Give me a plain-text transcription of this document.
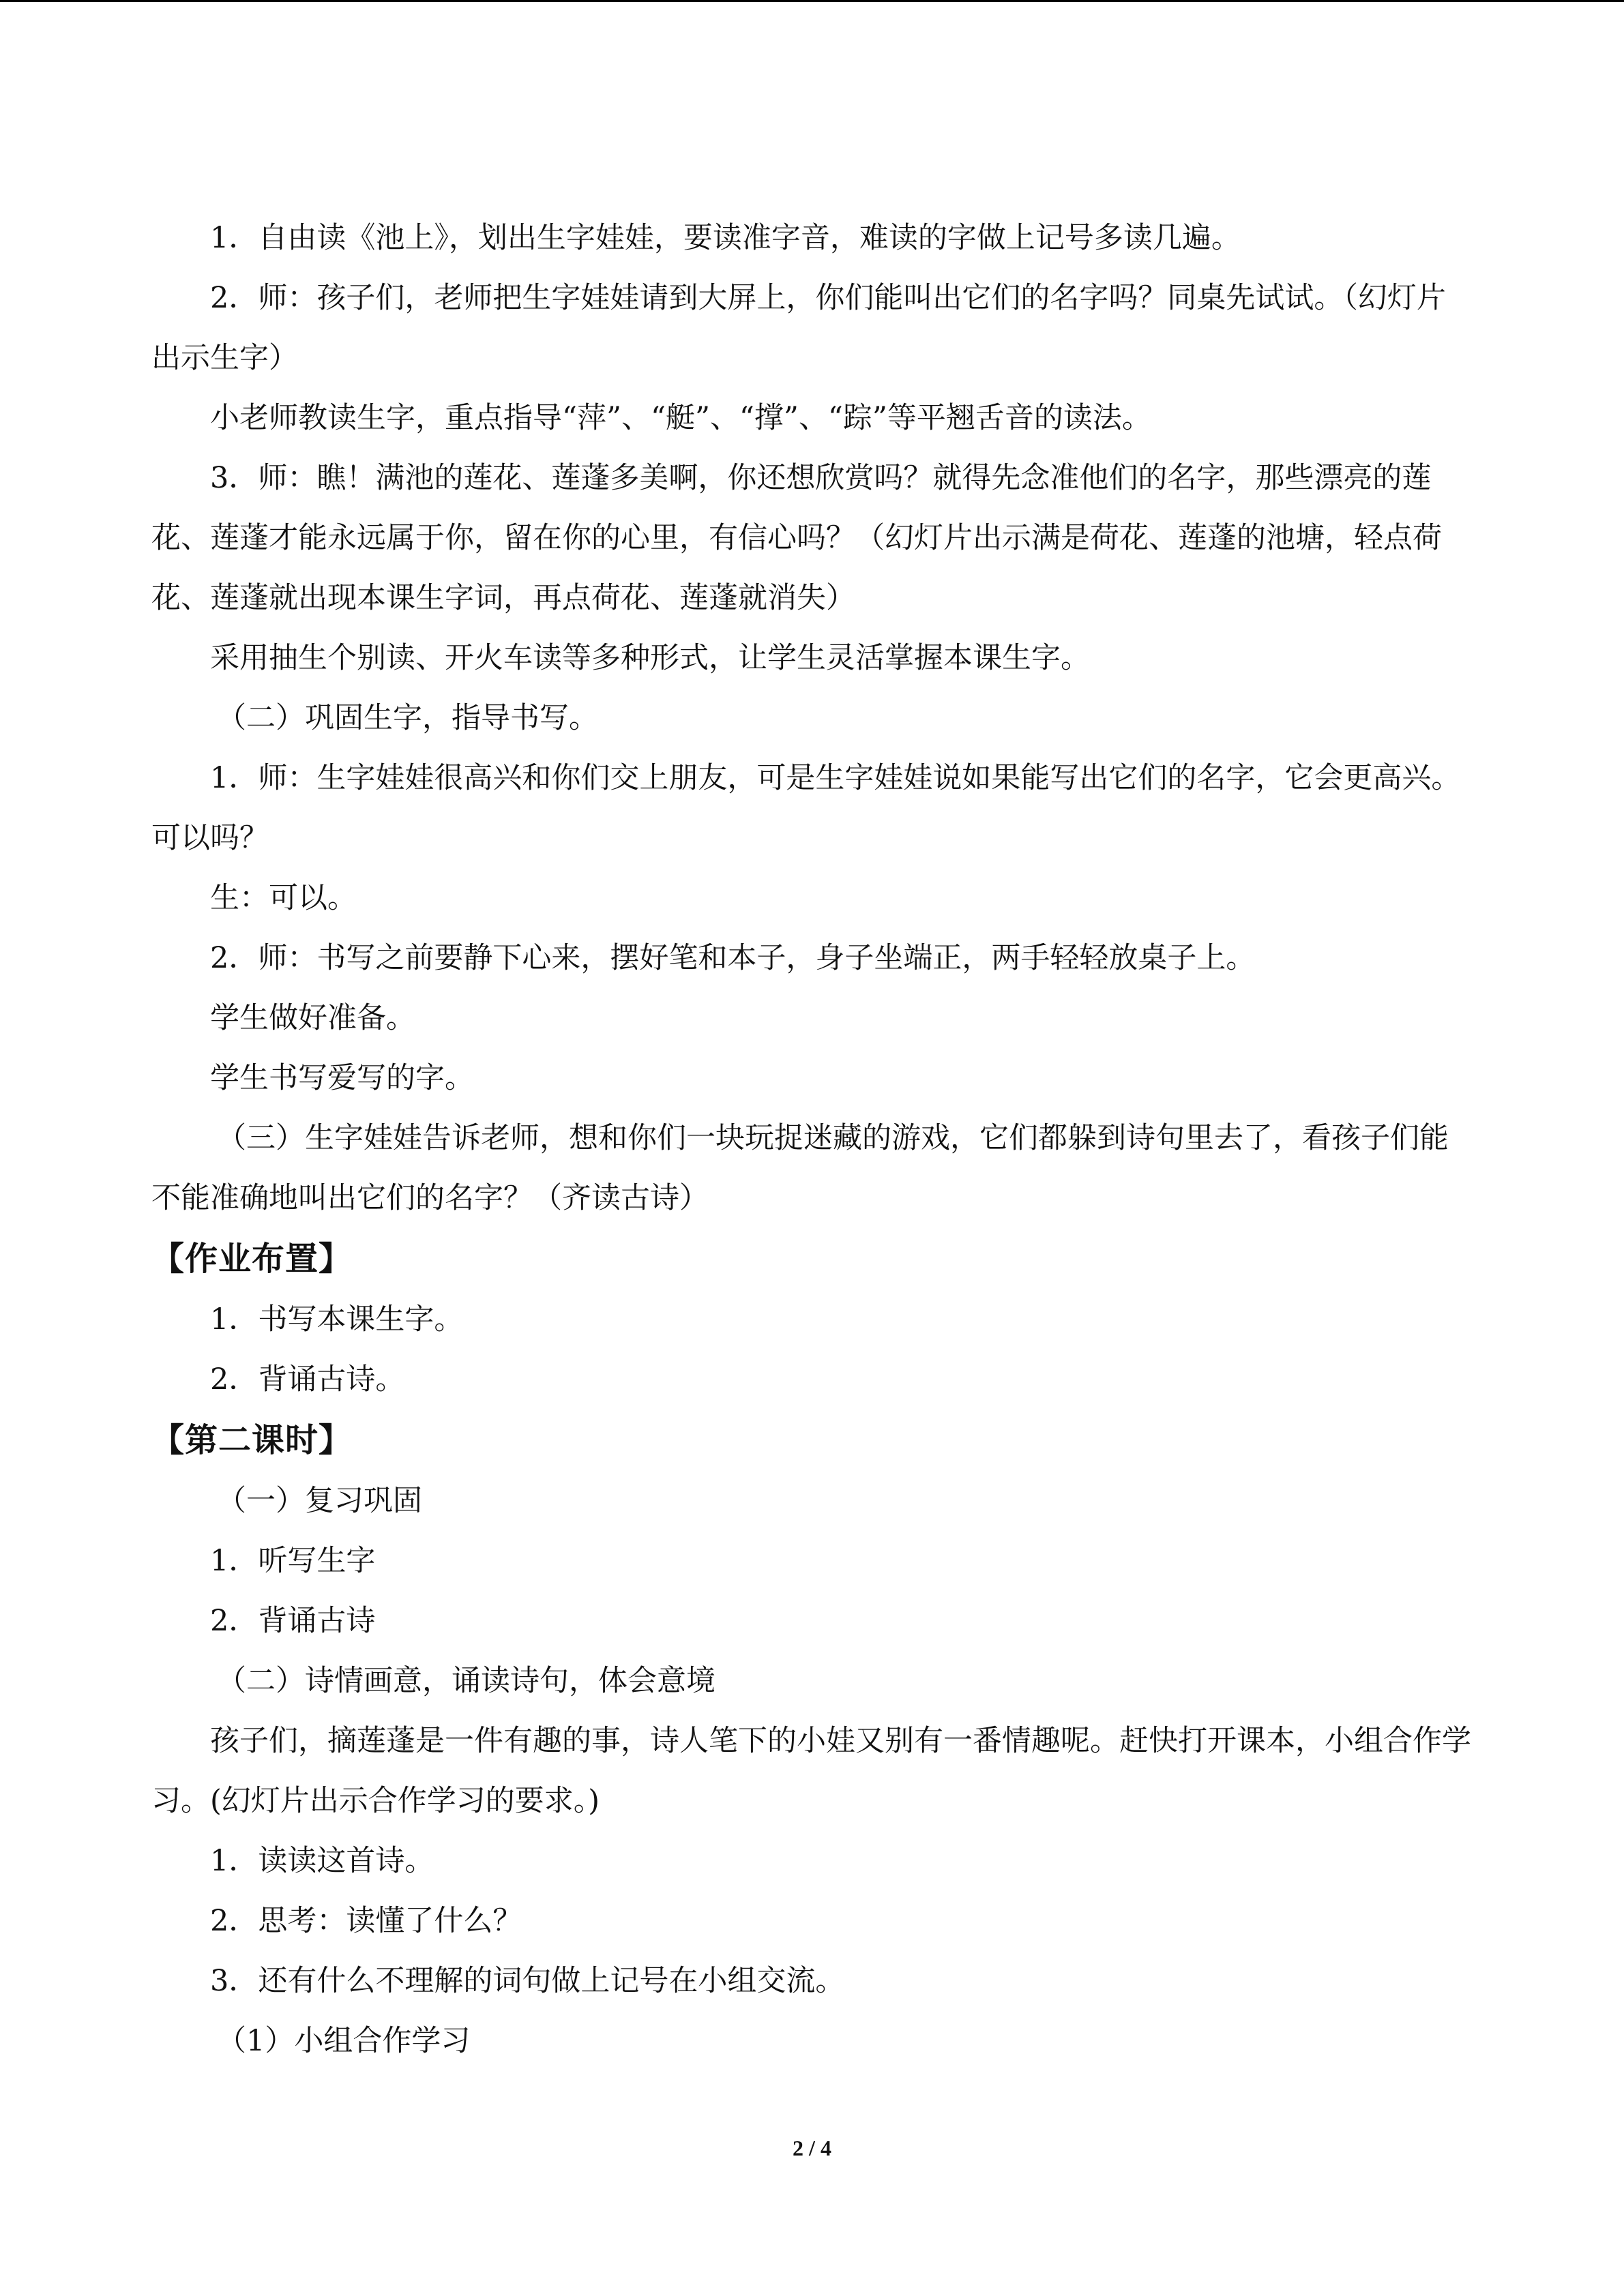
1．自由读《池上》，划出生字娃娃，要读准字音，难读的字做上记号多读几遍。

2．师：孩子们，老师把生字娃娃请到大屏上，你们能叫出它们的名字吗？同桌先试试。（幻灯片出示生字）

小老师教读生字，重点指导“萍”、“艇”、“撑”、“踪”等平翘舌音的读法。

3．师：瞧！满池的莲花、莲蓬多美啊，你还想欣赏吗？就得先念准他们的名字，那些漂亮的莲花、莲蓬才能永远属于你，留在你的心里，有信心吗？（幻灯片出示满是荷花、莲蓬的池塘，轻点荷花、莲蓬就出现本课生字词，再点荷花、莲蓬就消失）

采用抽生个别读、开火车读等多种形式，让学生灵活掌握本课生字。

（二）巩固生字，指导书写。

1．师：生字娃娃很高兴和你们交上朋友，可是生字娃娃说如果能写出它们的名字，它会更高兴。可以吗？

生：可以。

2．师：书写之前要静下心来，摆好笔和本子，身子坐端正，两手轻轻放桌子上。

学生做好准备。

学生书写爱写的字。

（三）生字娃娃告诉老师，想和你们一块玩捉迷藏的游戏，它们都躲到诗句里去了，看孩子们能不能准确地叫出它们的名字？（齐读古诗）

【作业布置】

1．书写本课生字。

2．背诵古诗。

【第二课时】

（一）复习巩固

1．听写生字

2．背诵古诗

（二）诗情画意，诵读诗句，体会意境

孩子们，摘莲蓬是一件有趣的事，诗人笔下的小娃又别有一番情趣呢。赶快打开课本，小组合作学习。(幻灯片出示合作学习的要求。)

1．读读这首诗。

2．思考：读懂了什么？

3．还有什么不理解的词句做上记号在小组交流。

（1）小组合作学习

2 / 4
